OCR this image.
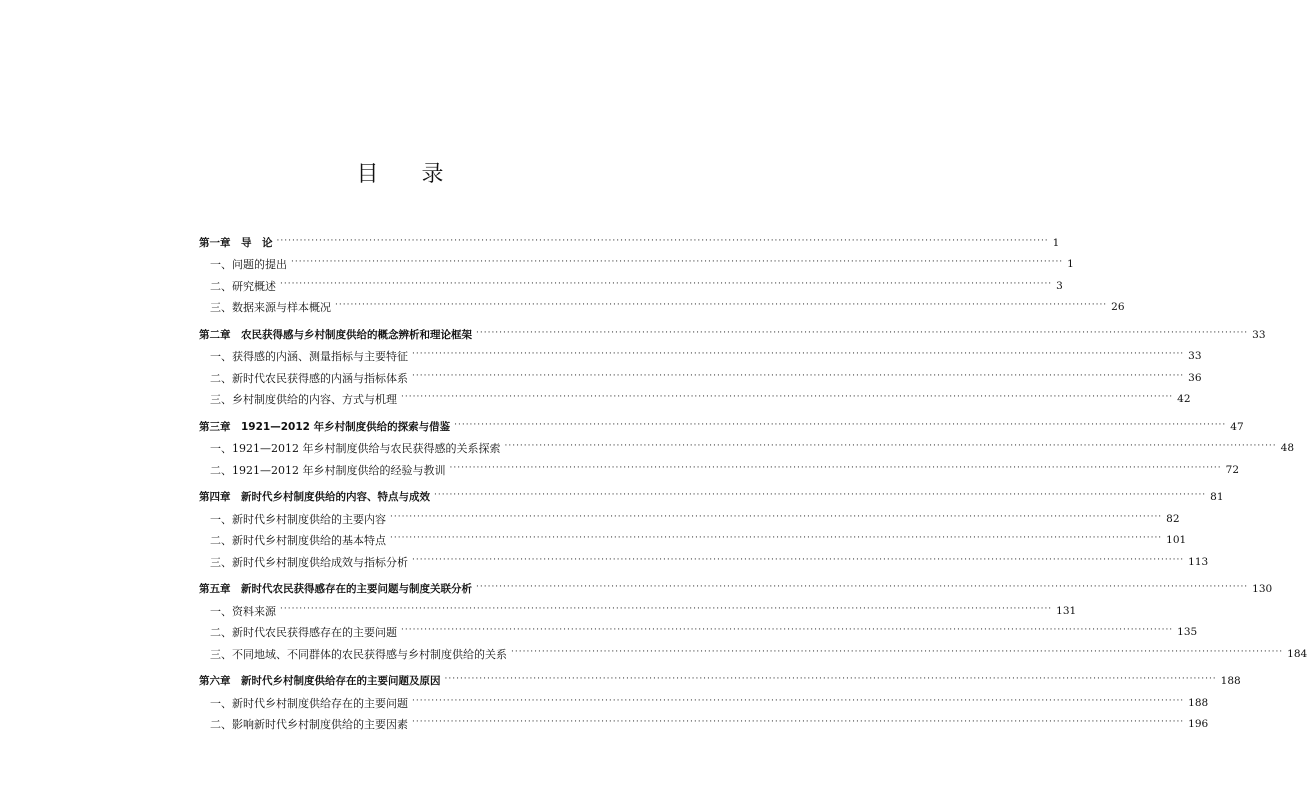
目 录
第一章　导　论 ········································································································································································································ 1
一、问题的提出 ········································································································································································································ 1
二、研究概述 ········································································································································································································ 3
三、数据来源与样本概况 ········································································································································································································ 26
第二章　农民获得感与乡村制度供给的概念辨析和理论框架 ········································································································································································································ 33
一、获得感的内涵、测量指标与主要特征 ········································································································································································································ 33
二、新时代农民获得感的内涵与指标体系 ········································································································································································································ 36
三、乡村制度供给的内容、方式与机理 ········································································································································································································ 42
第三章　1921—2012 年乡村制度供给的探索与借鉴 ········································································································································································································ 47
一、1921—2012 年乡村制度供给与农民获得感的关系探索 ········································································································································································································ 48
二、1921—2012 年乡村制度供给的经验与教训 ········································································································································································································ 72
第四章　新时代乡村制度供给的内容、特点与成效 ········································································································································································································ 81
一、新时代乡村制度供给的主要内容 ········································································································································································································ 82
二、新时代乡村制度供给的基本特点 ········································································································································································································ 101
三、新时代乡村制度供给成效与指标分析 ········································································································································································································ 113
第五章　新时代农民获得感存在的主要问题与制度关联分析 ········································································································································································································ 130
一、资料来源 ········································································································································································································ 131
二、新时代农民获得感存在的主要问题 ········································································································································································································ 135
三、不同地域、不同群体的农民获得感与乡村制度供给的关系 ········································································································································································································ 184
第六章　新时代乡村制度供给存在的主要问题及原因 ········································································································································································································ 188
一、新时代乡村制度供给存在的主要问题 ········································································································································································································ 188
二、影响新时代乡村制度供给的主要因素 ········································································································································································································ 196
